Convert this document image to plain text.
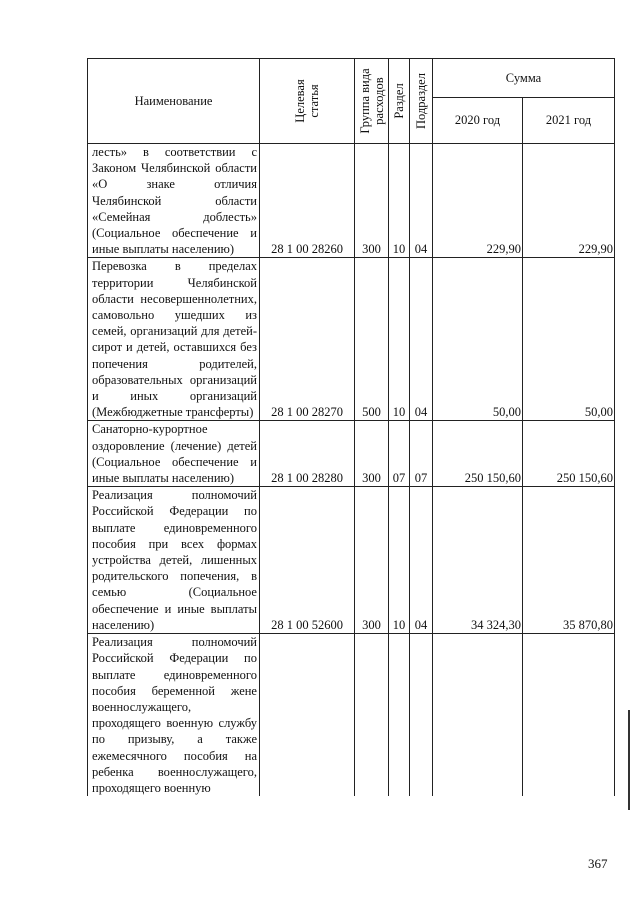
Наименование	Целевая статья	Группа вида расходов	Раздел	Подраздел	Сумма	
					2020 год	2021 год

лесть» в соответствии с Законом Челябинской области «О знаке отличия Челябинской области «Семейная доблесть» (Социальное обеспечение и иные выплаты населению)	28 1 00 28260	300	10	04	229,90	229,90

Перевозка в пределах территории Челябинской области несовершеннолетних, самовольно ушедших из семей, организаций для детей-сирот и детей, оставшихся без попечения родителей, образовательных организаций и иных организаций (Межбюджетные трансферты)	28 1 00 28270	500	10	04	50,00	50,00

Санаторно-курортное оздоровление (лечение) детей (Социальное обеспечение и иные выплаты населению)	28 1 00 28280	300	07	07	250 150,60	250 150,60

Реализация полномочий Российской Федерации по выплате единовременного пособия при всех формах устройства детей, лишенных родительского попечения, в семью (Социальное обеспечение и иные выплаты населению)	28 1 00 52600	300	10	04	34 324,30	35 870,80

Реализация полномочий Российской Федерации по выплате единовременного пособия беременной жене военнослужащего, проходящего военную службу по призыву, а также ежемесячного пособия на ребенка военнослужащего, проходящего военную						

367
